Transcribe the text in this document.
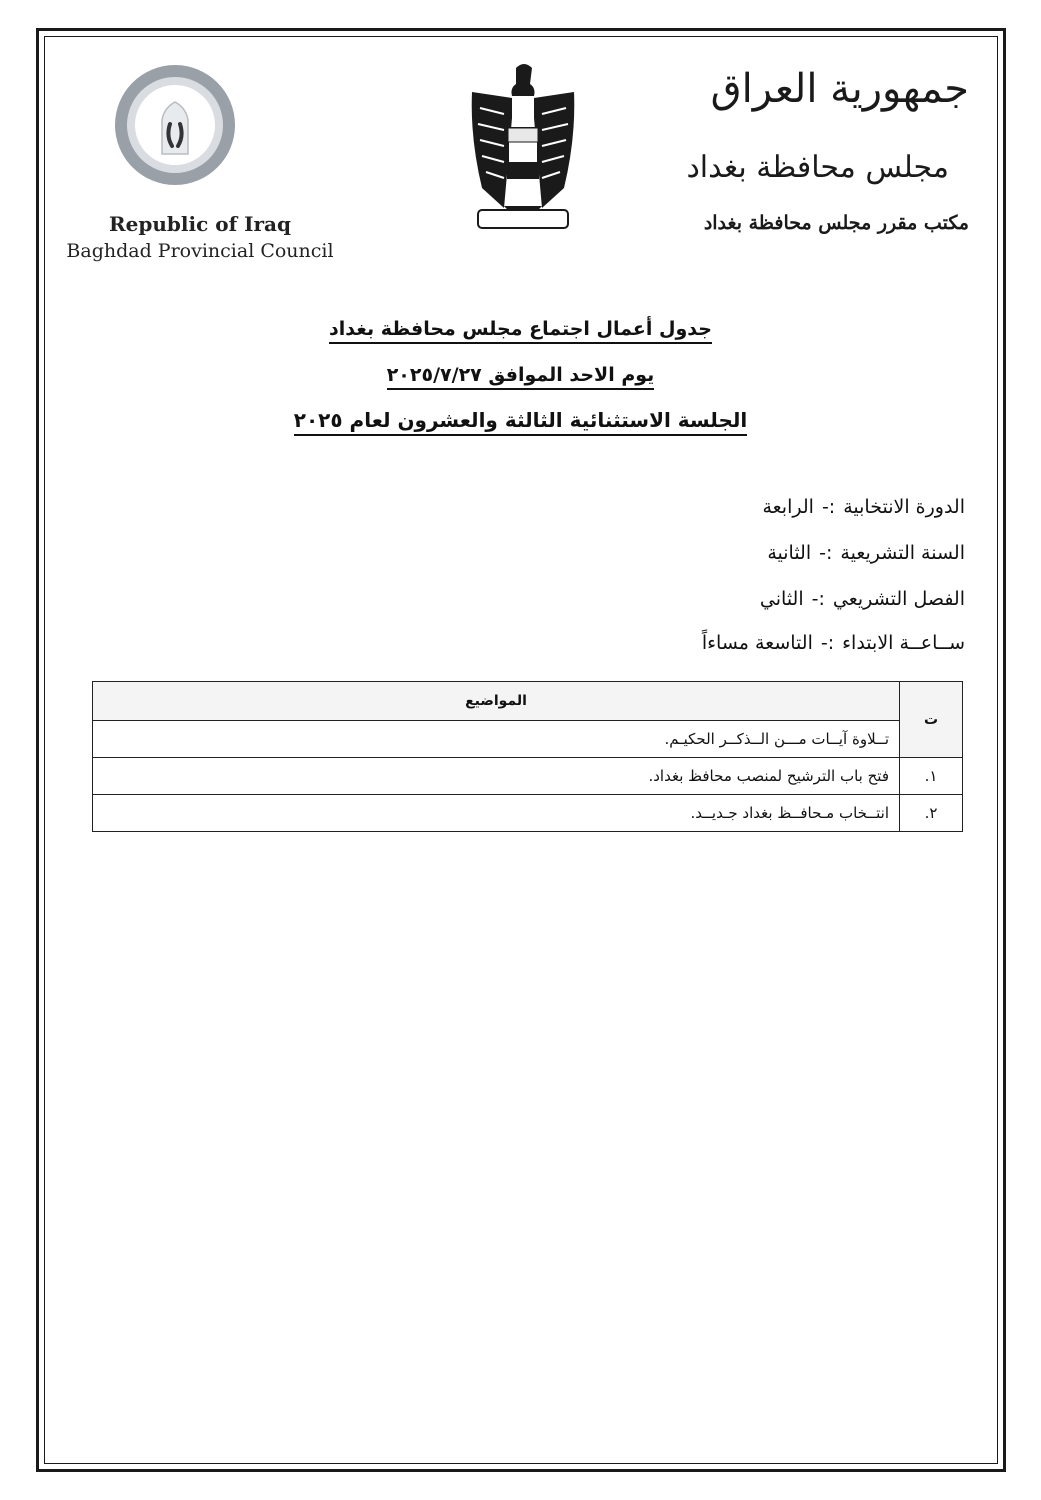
Republic of Iraq
Baghdad Provincial Council
جمهورية العراق
مجلس محافظة بغداد
مكتب مقرر مجلس محافظة بغداد
جدول أعمال اجتماع مجلس محافظة بغداد
يوم الاحد الموافق ٢٠٢٥/٧/٢٧
الجلسة الاستثنائية الثالثة والعشرون لعام ٢٠٢٥
الدورة الانتخابية:-الرابعة
السنة التشريعية:-الثانية
الفصل التشريعي:-الثاني
ســاعــة الابتداء:-التاسعة مساءاً
ت	المواضيع
	تــلاوة آيــات مـــن الــذكــر الحكيـم.
١.	فتح باب الترشيح لمنصب محافظ بغداد.
٢.	انتــخاب مـحافــظ بغداد جـديــد.
